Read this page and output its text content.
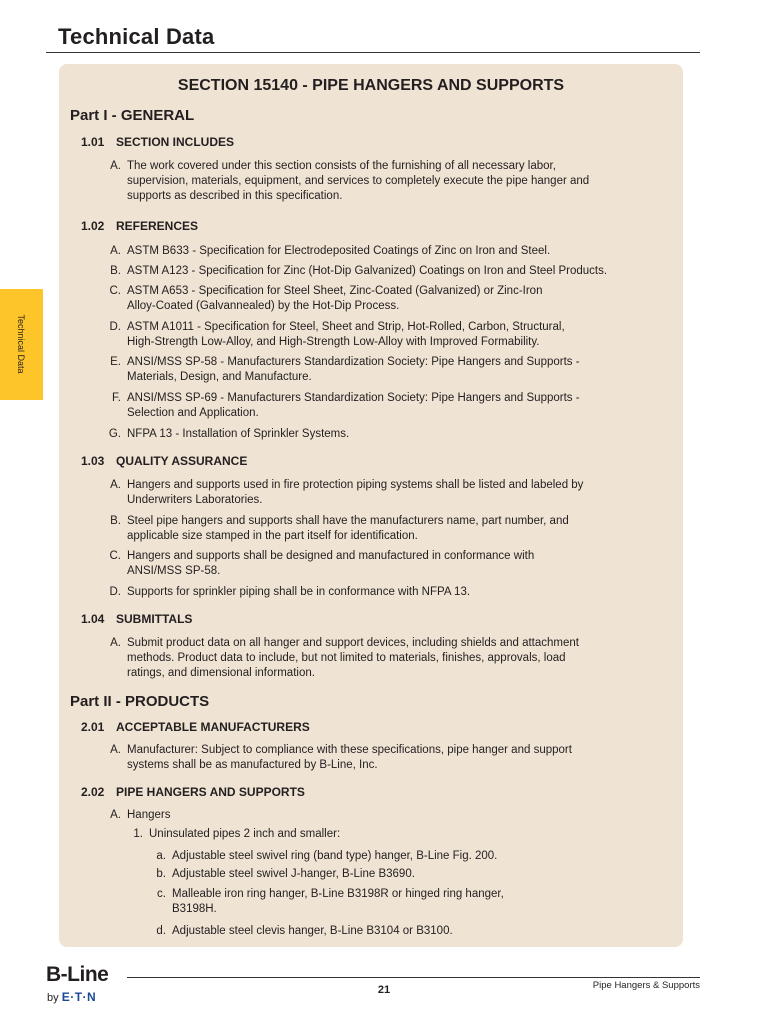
Technical Data
Technical Data
SECTION 15140 - PIPE HANGERS AND SUPPORTS
Part I - GENERAL
1.01 SECTION INCLUDES
A. The work covered under this section consists of the furnishing of all necessary labor,
supervision, materials, equipment, and services to completely execute the pipe hanger and
supports as described in this specification.
1.02 REFERENCES
A. ASTM B633 - Specification for Electrodeposited Coatings of Zinc on Iron and Steel.
B. ASTM A123 - Specification for Zinc (Hot-Dip Galvanized) Coatings on Iron and Steel Products.
C. ASTM A653 - Specification for Steel Sheet, Zinc-Coated (Galvanized) or Zinc-Iron
Alloy-Coated (Galvannealed) by the Hot-Dip Process.
D. ASTM A1011 - Specification for Steel, Sheet and Strip, Hot-Rolled, Carbon, Structural,
High-Strength Low-Alloy, and High-Strength Low-Alloy with Improved Formability.
E. ANSI/MSS SP-58 - Manufacturers Standardization Society: Pipe Hangers and Supports -
Materials, Design, and Manufacture.
F. ANSI/MSS SP-69 - Manufacturers Standardization Society: Pipe Hangers and Supports -
Selection and Application.
G. NFPA 13 - Installation of Sprinkler Systems.
1.03 QUALITY ASSURANCE
A. Hangers and supports used in fire protection piping systems shall be listed and labeled by
Underwriters Laboratories.
B. Steel pipe hangers and supports shall have the manufacturers name, part number, and
applicable size stamped in the part itself for identification.
C. Hangers and supports shall be designed and manufactured in conformance with
ANSI/MSS SP-58.
D. Supports for sprinkler piping shall be in conformance with NFPA 13.
1.04 SUBMITTALS
A. Submit product data on all hanger and support devices, including shields and attachment
methods. Product data to include, but not limited to materials, finishes, approvals, load
ratings, and dimensional information.
Part II - PRODUCTS
2.01 ACCEPTABLE MANUFACTURERS
A. Manufacturer: Subject to compliance with these specifications, pipe hanger and support
systems shall be as manufactured by B-Line, Inc.
2.02 PIPE HANGERS AND SUPPORTS
A. Hangers
1. Uninsulated pipes 2 inch and smaller:
a. Adjustable steel swivel ring (band type) hanger, B-Line Fig. 200.
b. Adjustable steel swivel J-hanger, B-Line B3690.
c. Malleable iron ring hanger, B-Line B3198R or hinged ring hanger,
B3198H.
d. Adjustable steel clevis hanger, B-Line B3104 or B3100.
B-Line
by E·T·N	21	Pipe Hangers & Supports
